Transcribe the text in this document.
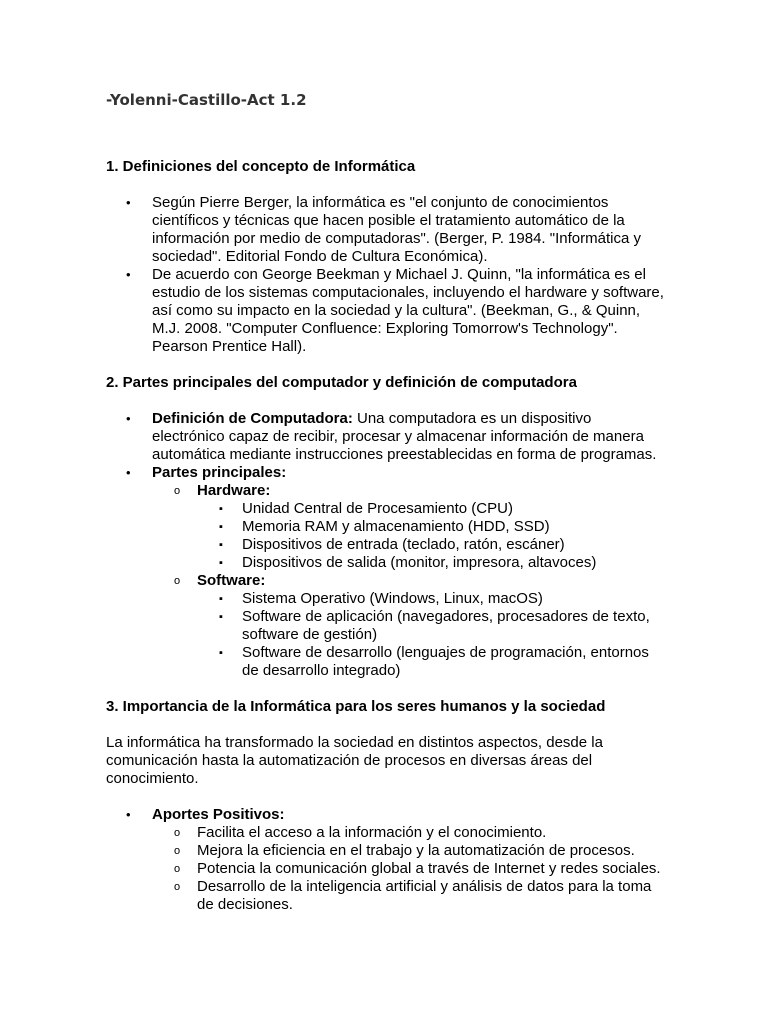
-Yolenni-Castillo-Act 1.2
1. Definiciones del concepto de Informática
• Según Pierre Berger, la informática es "el conjunto de conocimientos científicos y técnicas que hacen posible el tratamiento automático de la información por medio de computadoras". (Berger, P. 1984. "Informática y sociedad". Editorial Fondo de Cultura Económica).
• De acuerdo con George Beekman y Michael J. Quinn, "la informática es el estudio de los sistemas computacionales, incluyendo el hardware y software, así como su impacto en la sociedad y la cultura". (Beekman, G., & Quinn, M.J. 2008. "Computer Confluence: Exploring Tomorrow's Technology". Pearson Prentice Hall).
2. Partes principales del computador y definición de computadora
• Definición de Computadora: Una computadora es un dispositivo electrónico capaz de recibir, procesar y almacenar información de manera automática mediante instrucciones preestablecidas en forma de programas.
• Partes principales:
o Hardware:
▪ Unidad Central de Procesamiento (CPU)
▪ Memoria RAM y almacenamiento (HDD, SSD)
▪ Dispositivos de entrada (teclado, ratón, escáner)
▪ Dispositivos de salida (monitor, impresora, altavoces)
o Software:
▪ Sistema Operativo (Windows, Linux, macOS)
▪ Software de aplicación (navegadores, procesadores de texto, software de gestión)
▪ Software de desarrollo (lenguajes de programación, entornos de desarrollo integrado)
3. Importancia de la Informática para los seres humanos y la sociedad

La informática ha transformado la sociedad en distintos aspectos, desde la comunicación hasta la automatización de procesos en diversas áreas del conocimiento.

• Aportes Positivos:
o Facilita el acceso a la información y el conocimiento.
o Mejora la eficiencia en el trabajo y la automatización de procesos.
o Potencia la comunicación global a través de Internet y redes sociales.
o Desarrollo de la inteligencia artificial y análisis de datos para la toma de decisiones.
